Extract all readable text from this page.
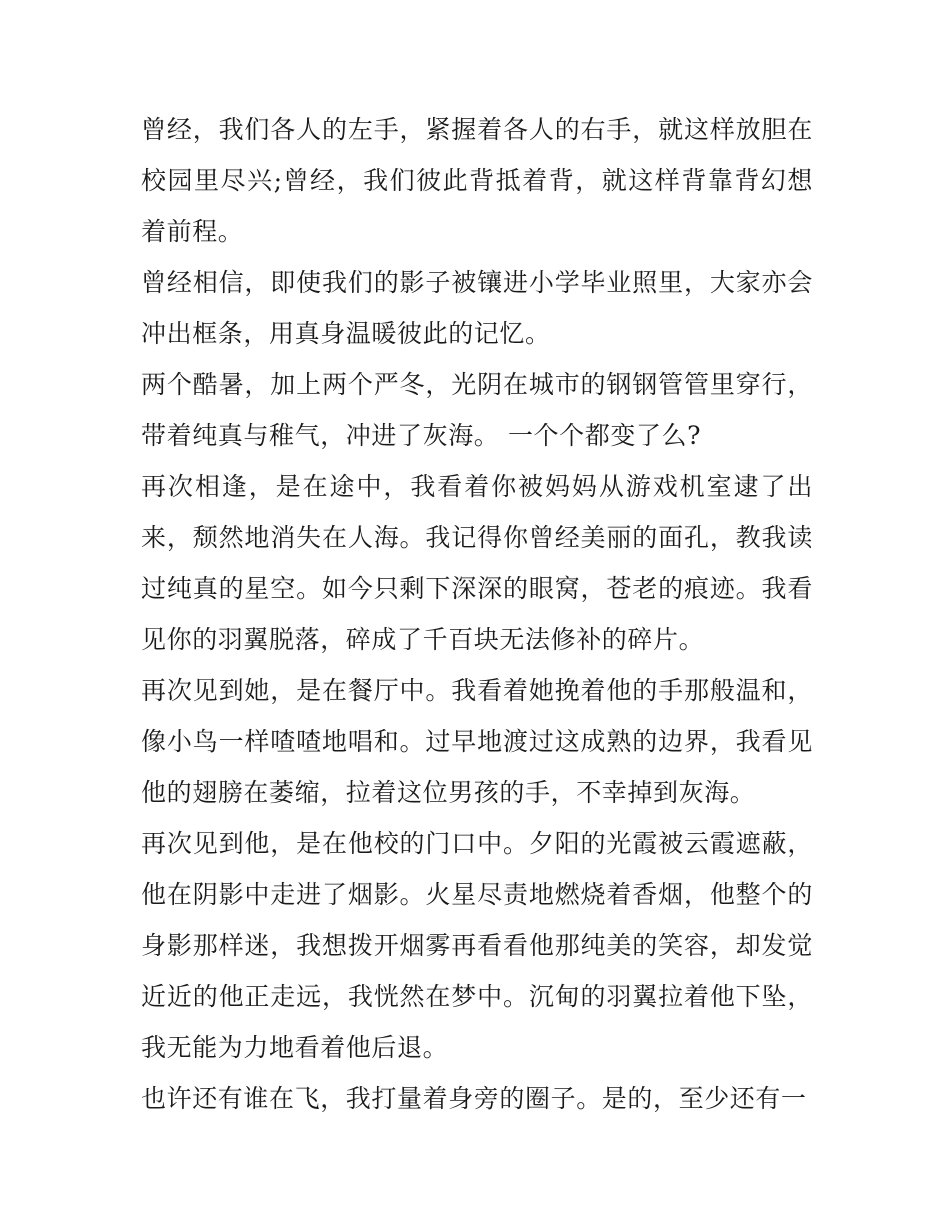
曾经，我们各人的左手，紧握着各人的右手，就这样放胆在校园里尽兴;曾经，我们彼此背抵着背，就这样背靠背幻想着前程。

曾经相信，即使我们的影子被镶进小学毕业照里，大家亦会冲出框条，用真身温暖彼此的记忆。

两个酷暑，加上两个严冬，光阴在城市的钢钢管管里穿行，带着纯真与稚气，冲进了灰海。 一个个都变了么?

再次相逢，是在途中，我看着你被妈妈从游戏机室逮了出来，颓然地消失在人海。我记得你曾经美丽的面孔，教我读过纯真的星空。如今只剩下深深的眼窝，苍老的痕迹。我看见你的羽翼脱落，碎成了千百块无法修补的碎片。

再次见到她，是在餐厅中。我看着她挽着他的手那般温和，像小鸟一样喳喳地唱和。过早地渡过这成熟的边界，我看见他的翅膀在萎缩，拉着这位男孩的手，不幸掉到灰海。

再次见到他，是在他校的门口中。夕阳的光霞被云霞遮蔽，他在阴影中走进了烟影。火星尽责地燃烧着香烟，他整个的身影那样迷，我想拨开烟雾再看看他那纯美的笑容，却发觉近近的他正走远，我恍然在梦中。沉甸的羽翼拉着他下坠，我无能为力地看着他后退。

也许还有谁在飞，我打量着身旁的圈子。是的，至少还有一
